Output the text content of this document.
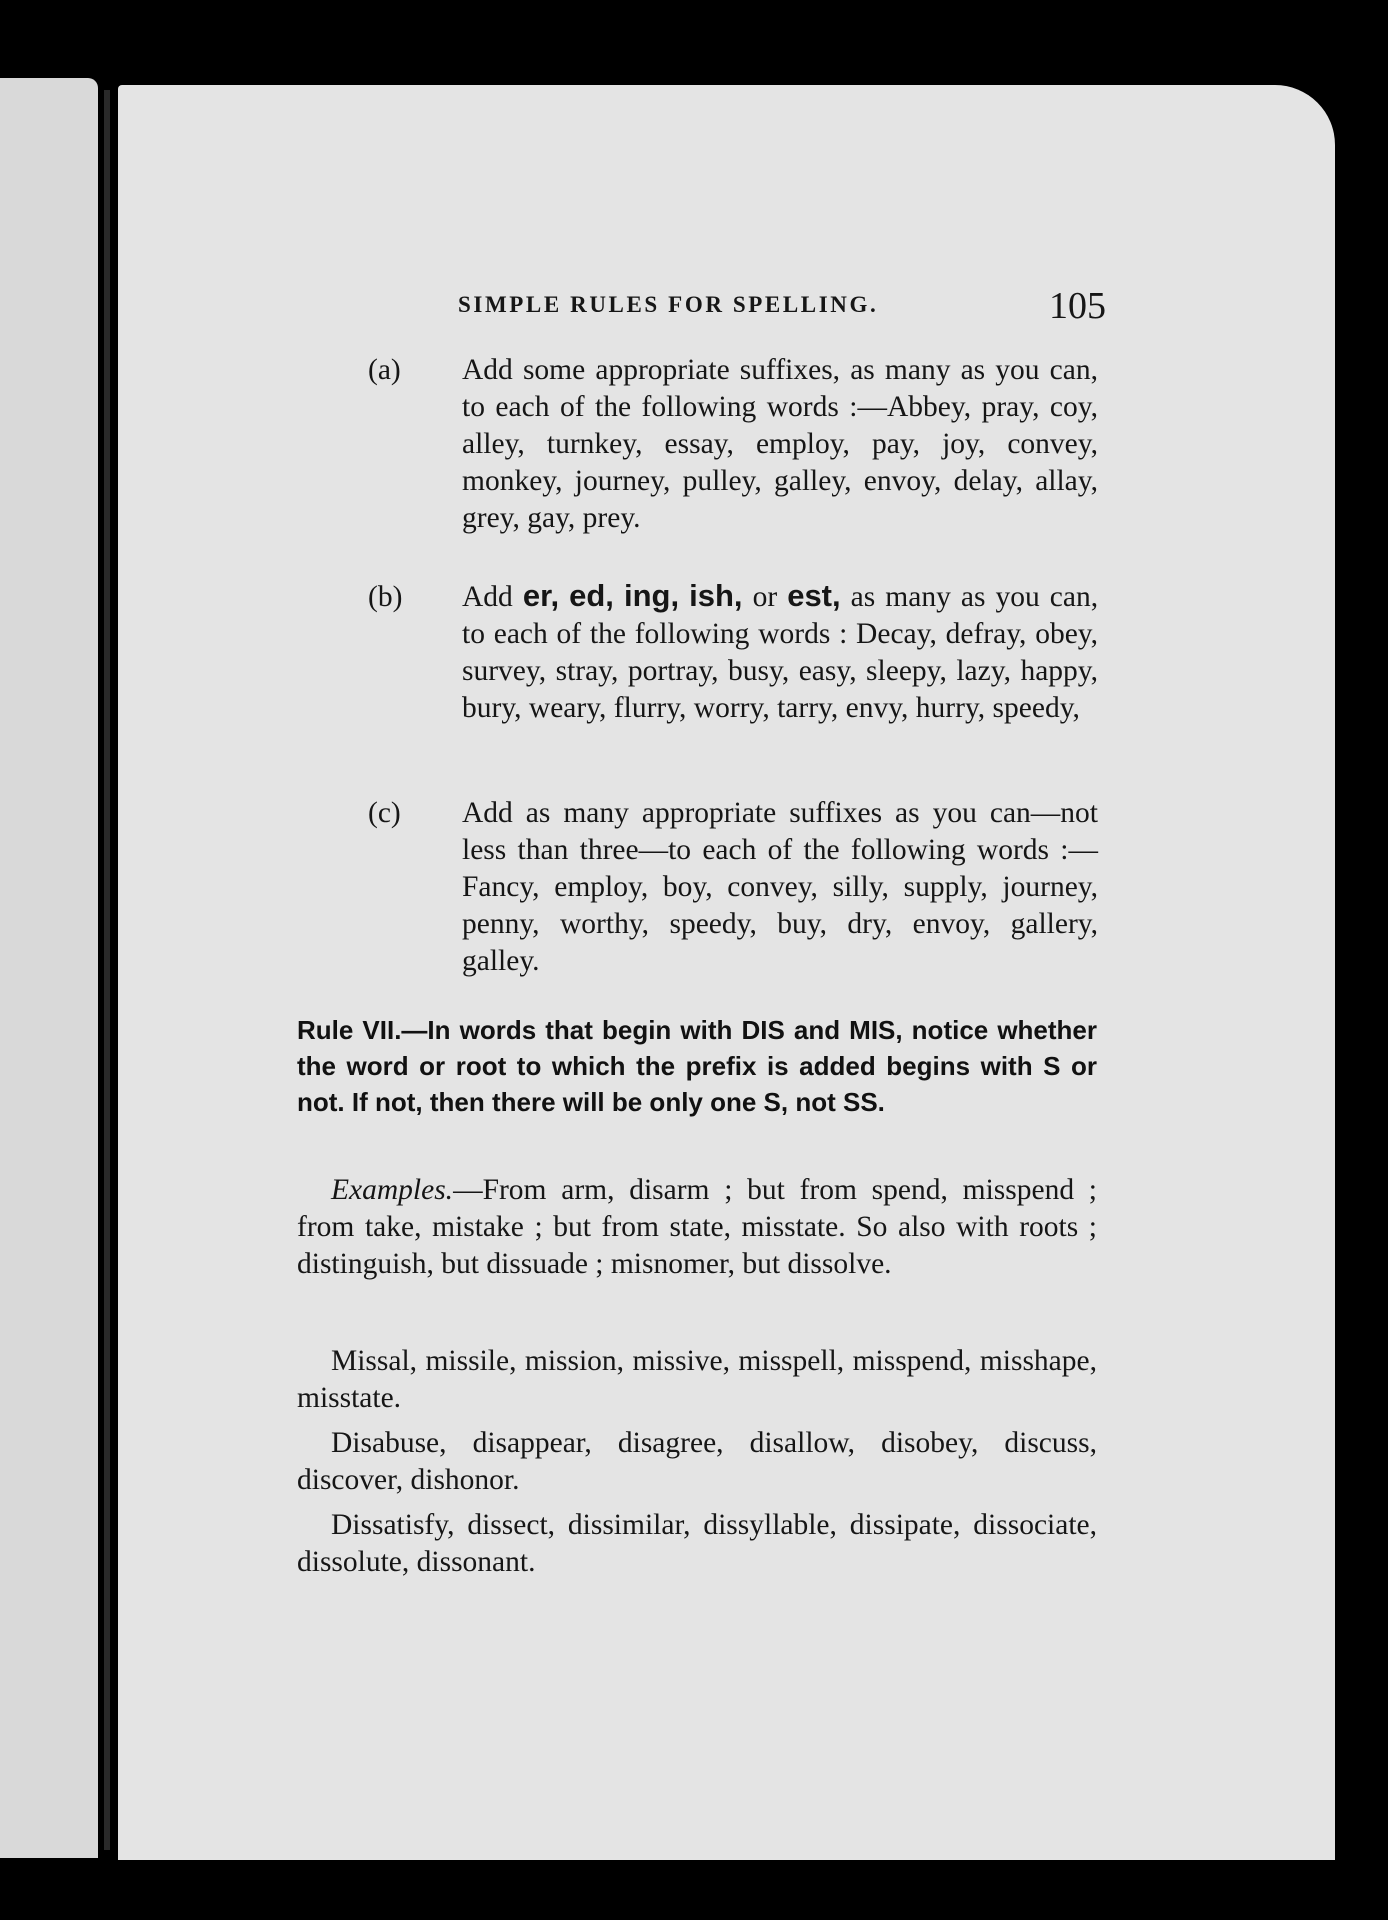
SIMPLE RULES FOR SPELLING.	105
(a) Add some appropriate suffixes, as many as you can, to each of the following words :—Abbey, pray, coy, alley, turnkey, essay, employ, pay, joy, convey, monkey, journey, pulley, galley, envoy, delay, allay, grey, gay, prey.
(b) Add er, ed, ing, ish, or est, as many as you can, to each of the following words : Decay, defray, obey, survey, stray, portray, busy, easy, sleepy, lazy, happy, bury, weary, flurry, worry, tarry, envy, hurry, speedy,
(c) Add as many appropriate suffixes as you can—not less than three—to each of the following words :—Fancy, employ, boy, convey, silly, supply, journey, penny, worthy, speedy, buy, dry, envoy, gallery, galley.
Rule VII.—In words that begin with DIS and MIS, notice whether the word or root to which the prefix is added begins with S or not. If not, then there will be only one S, not SS.
Examples.—From arm, disarm ; but from spend, misspend ; from take, mistake ; but from state, misstate. So also with roots ; distinguish, but dissuade ; misnomer, but dissolve.
Missal, missile, mission, missive, misspell, misspend, misshape, misstate.
Disabuse, disappear, disagree, disallow, disobey, discuss, discover, dishonor.
Dissatisfy, dissect, dissimilar, dissyllable, dissipate, dissociate, dissolute, dissonant.
